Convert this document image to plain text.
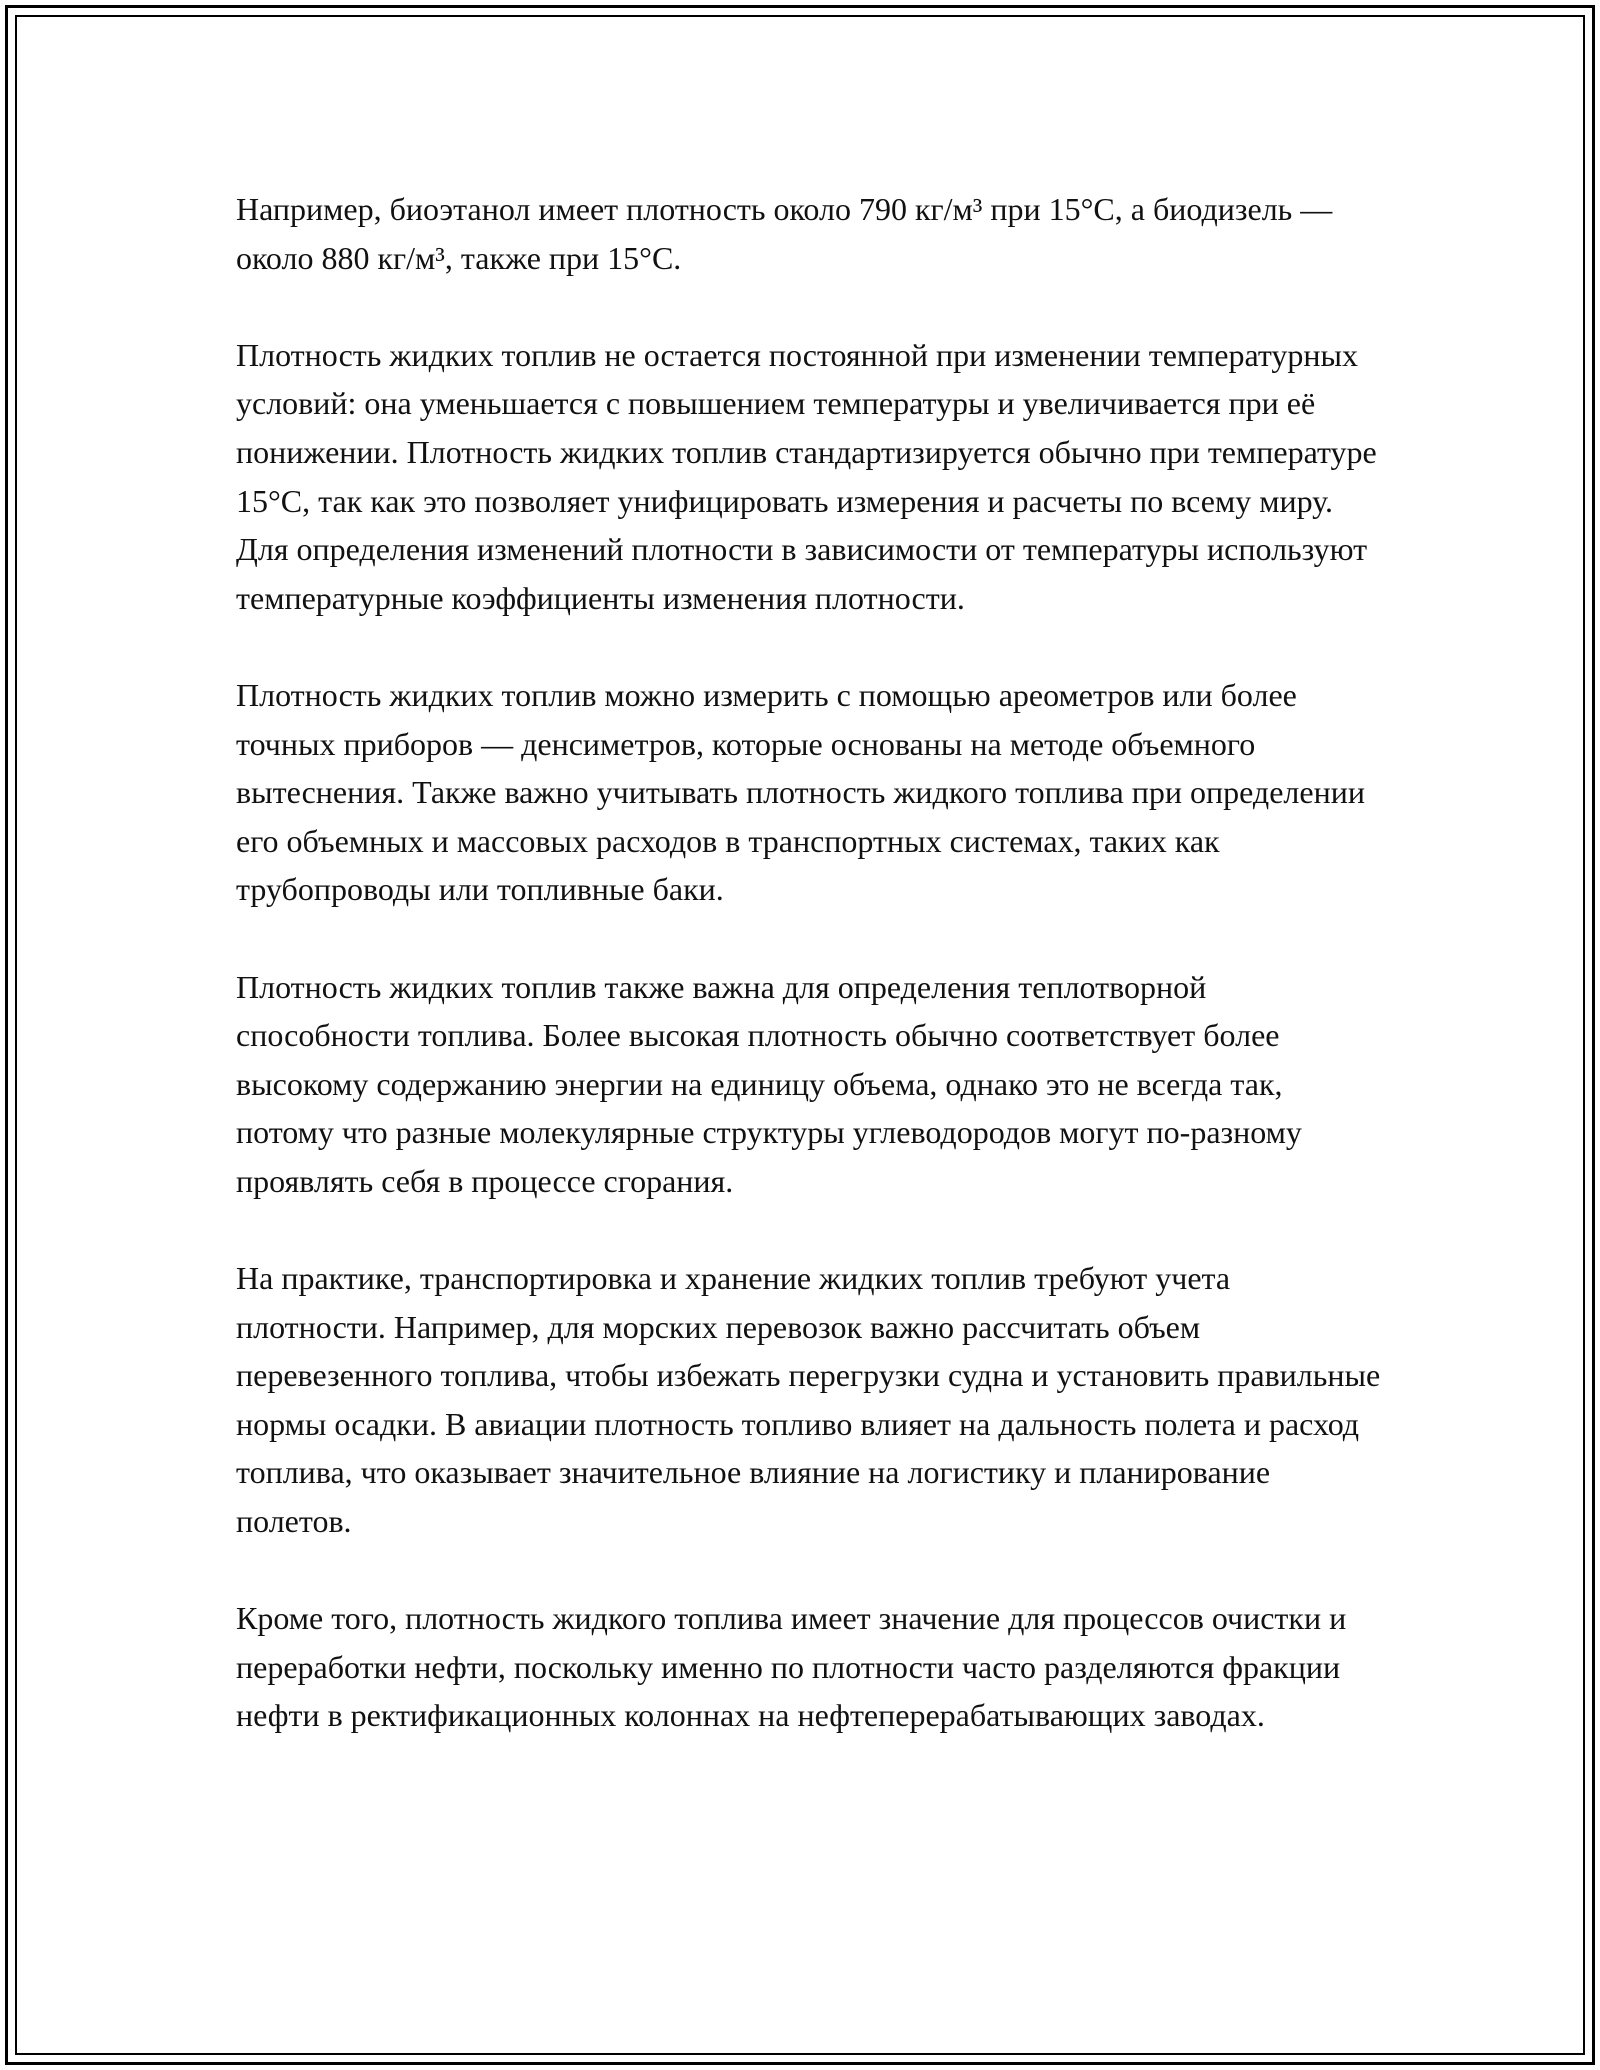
Например, биоэтанол имеет плотность около 790 кг/м³ при 15°C, а биодизель — около 880 кг/м³, также при 15°C.

Плотность жидких топлив не остается постоянной при изменении температурных условий: она уменьшается с повышением температуры и увеличивается при её понижении. Плотность жидких топлив стандартизируется обычно при температуре 15°C, так как это позволяет унифицировать измерения и расчеты по всему миру. Для определения изменений плотности в зависимости от температуры используют температурные коэффициенты изменения плотности.

Плотность жидких топлив можно измерить с помощью ареометров или более точных приборов — денсиметров, которые основаны на методе объемного вытеснения. Также важно учитывать плотность жидкого топлива при определении его объемных и массовых расходов в транспортных системах, таких как трубопроводы или топливные баки.

Плотность жидких топлив также важна для определения теплотворной способности топлива. Более высокая плотность обычно соответствует более высокому содержанию энергии на единицу объема, однако это не всегда так, потому что разные молекулярные структуры углеводородов могут по-разному проявлять себя в процессе сгорания.

На практике, транспортировка и хранение жидких топлив требуют учета плотности. Например, для морских перевозок важно рассчитать объем перевезенного топлива, чтобы избежать перегрузки судна и установить правильные нормы осадки. В авиации плотность топливо влияет на дальность полета и расход топлива, что оказывает значительное влияние на логистику и планирование полетов.

Кроме того, плотность жидкого топлива имеет значение для процессов очистки и переработки нефти, поскольку именно по плотности часто разделяются фракции нефти в ректификационных колоннах на нефтеперерабатывающих заводах.
